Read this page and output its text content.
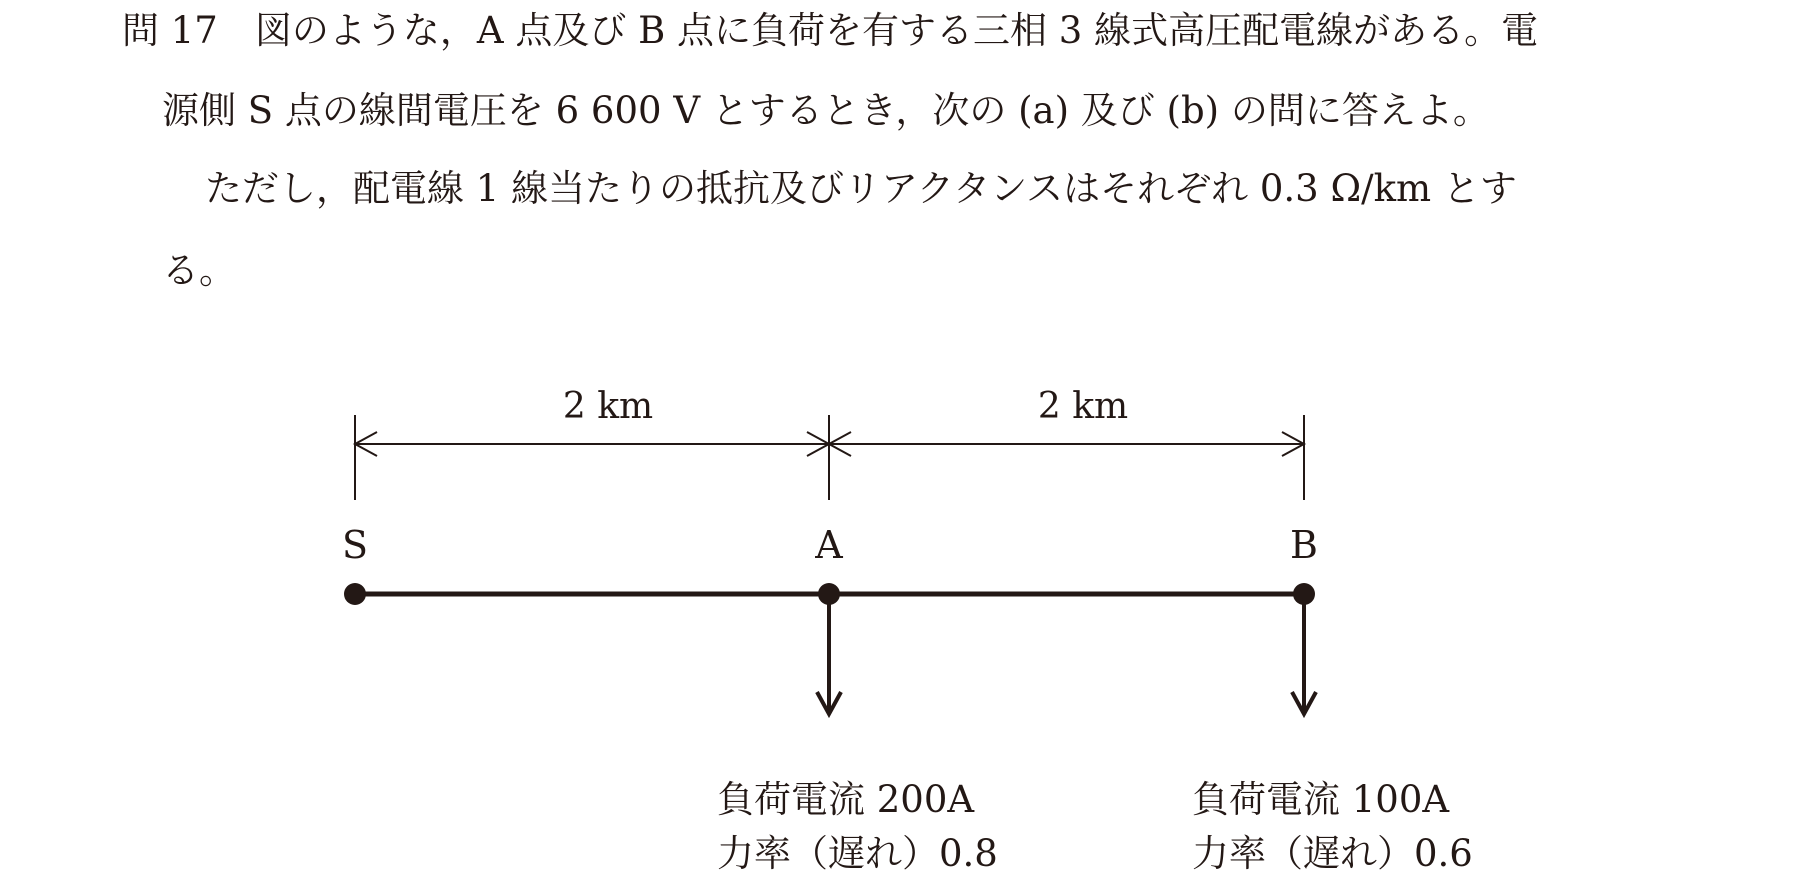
問 17　図のような，A 点及び B 点に負荷を有する三相 3 線式高圧配電線がある。電

源側 S 点の線間電圧を 6 600 V とするとき，次の (a) 及び (b) の問に答えよ。

ただし，配電線 1 線当たりの抵抗及びリアクタンスはそれぞれ 0.3 Ω/km とす

る。

2 km	2 km
S	A	B
負荷電流 200A
力率（遅れ）0.8
負荷電流 100A
力率（遅れ）0.6
